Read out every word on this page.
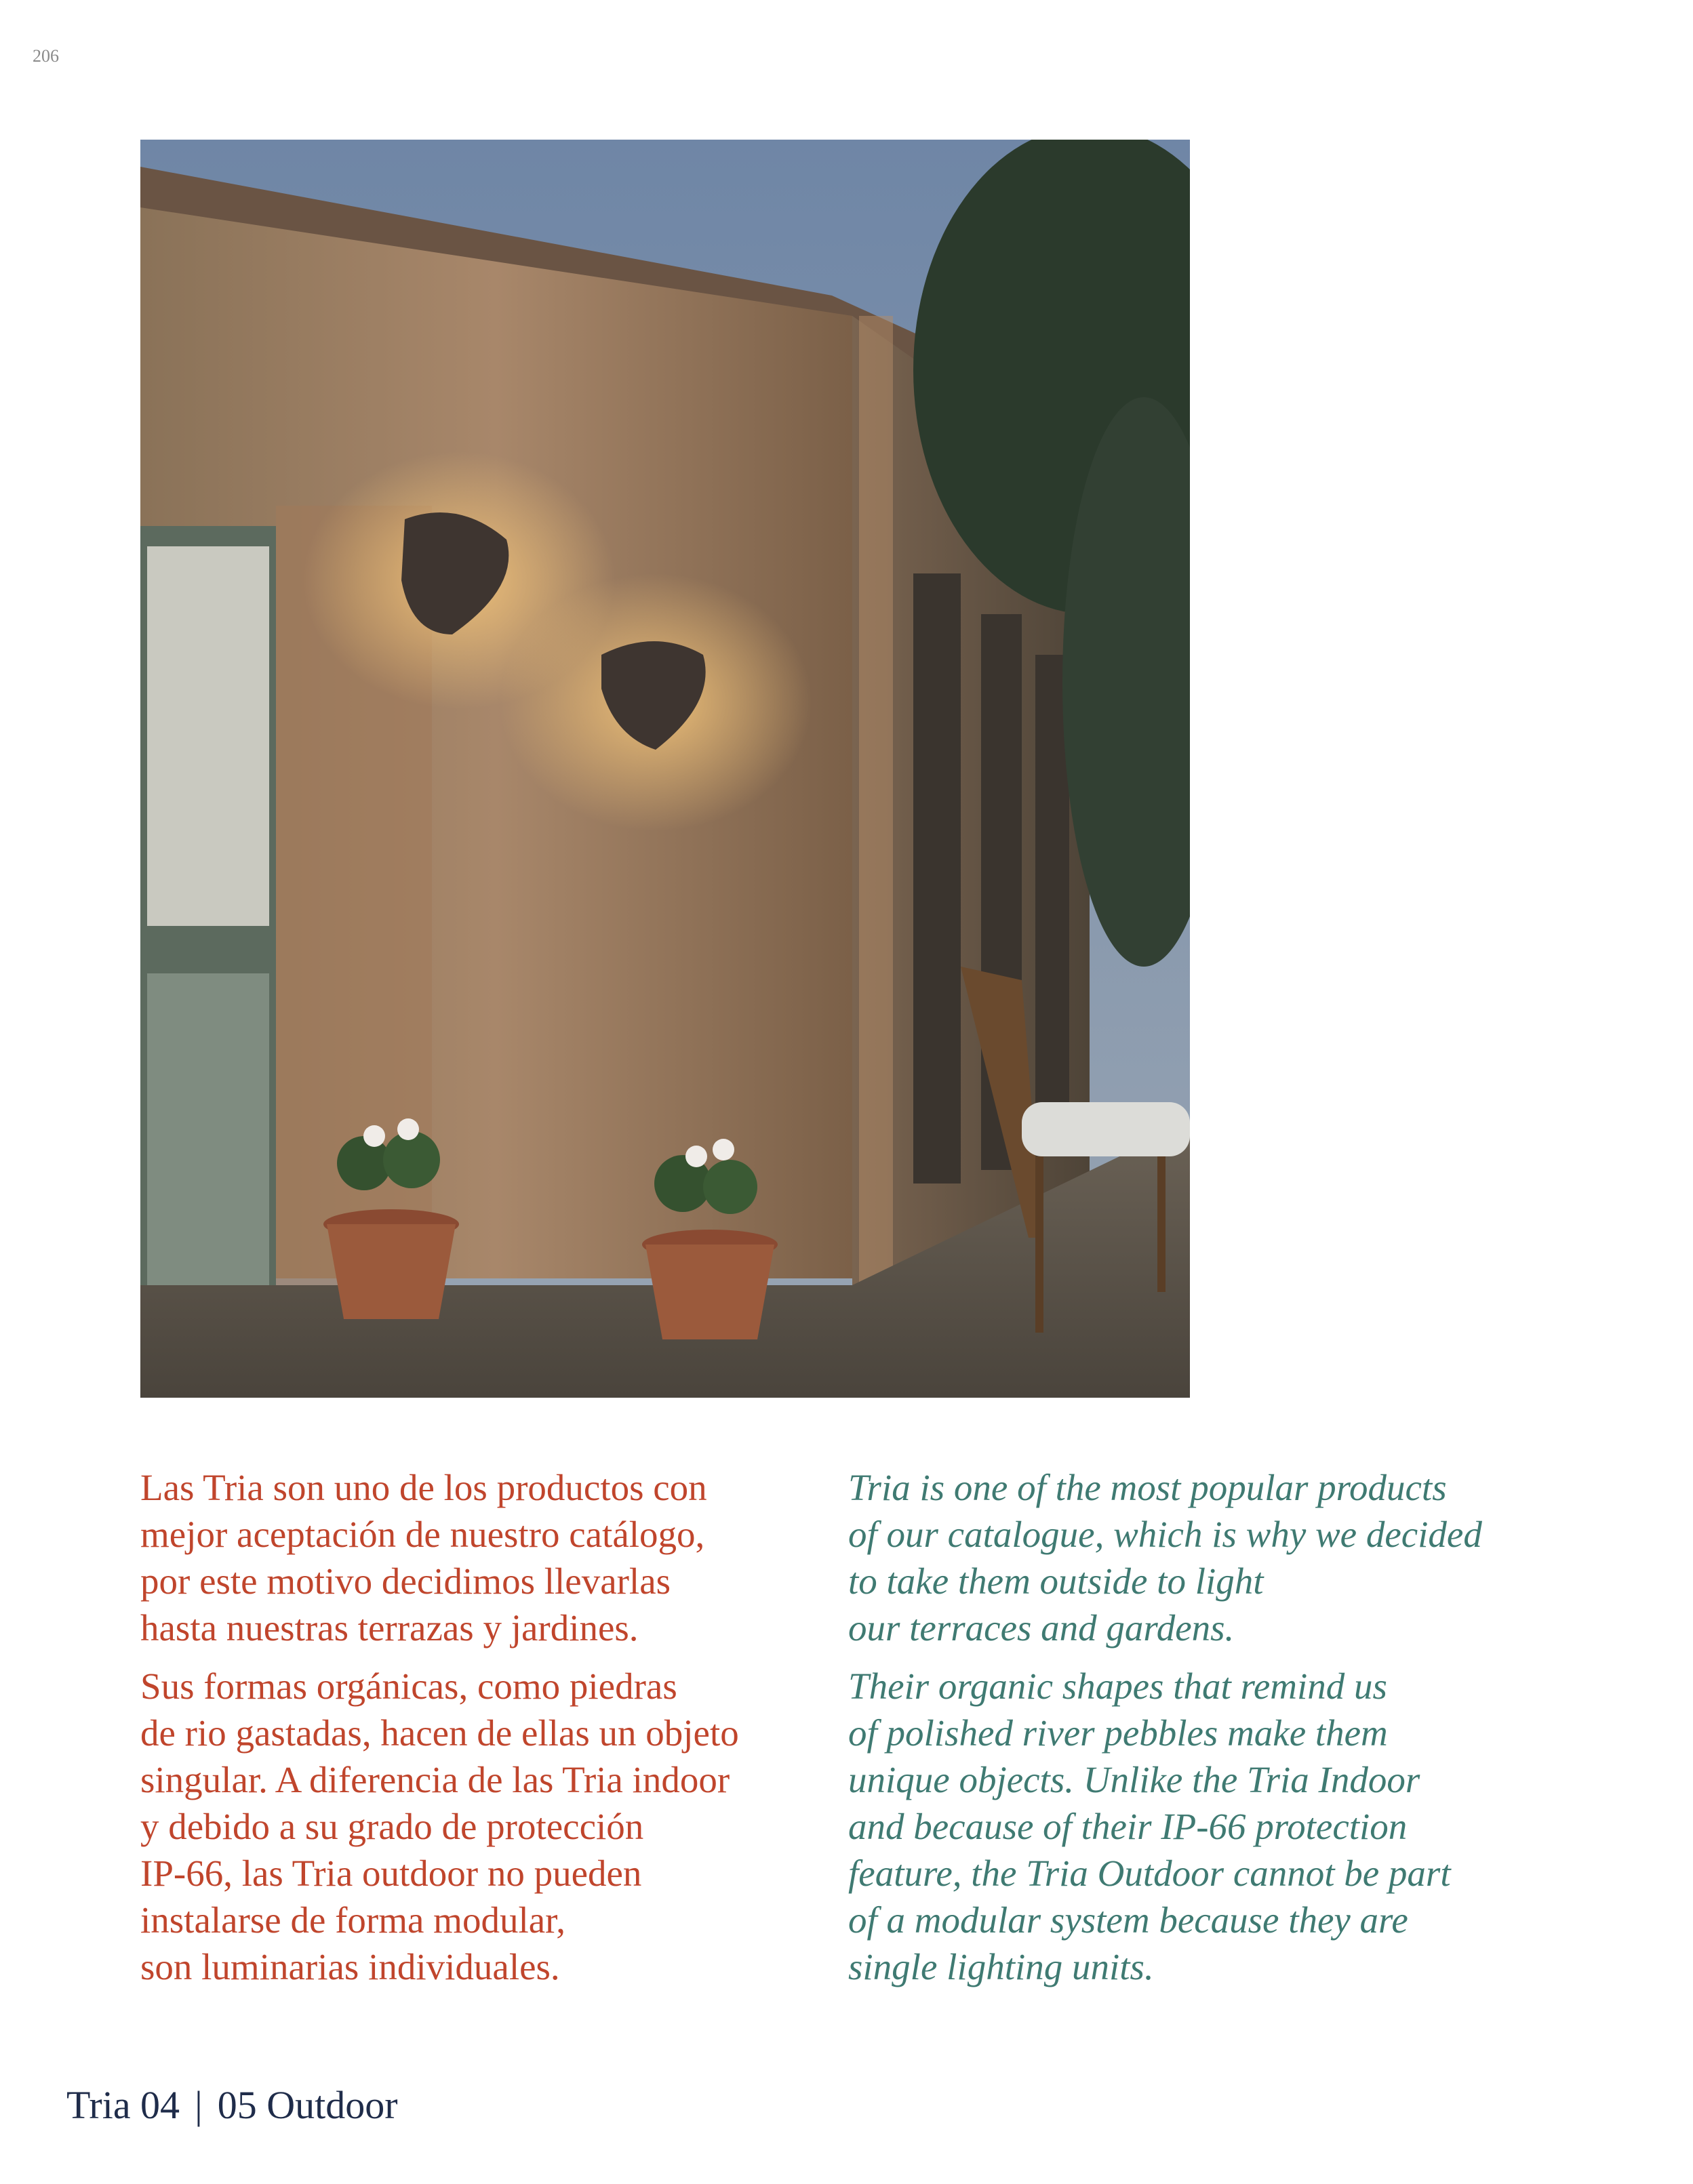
206

Las Tria son uno de los productos con
mejor aceptación de nuestro catálogo,
por este motivo decidimos llevarlas
hasta nuestras terrazas y jardines.

Sus formas orgánicas, como piedras
de rio gastadas, hacen de ellas un objeto
singular. A diferencia de las Tria indoor
y debido a su grado de protección
IP-66, las Tria outdoor no pueden
instalarse de forma modular,
son luminarias individuales.

Tria is one of the most popular products
of our catalogue, which is why we decided
to take them outside to light
our terraces and gardens.

Their organic shapes that remind us
of polished river pebbles make them
unique objects. Unlike the Tria Indoor
and because of their IP-66 protection
feature, the Tria Outdoor cannot be part
of a modular system because they are
single lighting units.

Tria 04 | 05 Outdoor
